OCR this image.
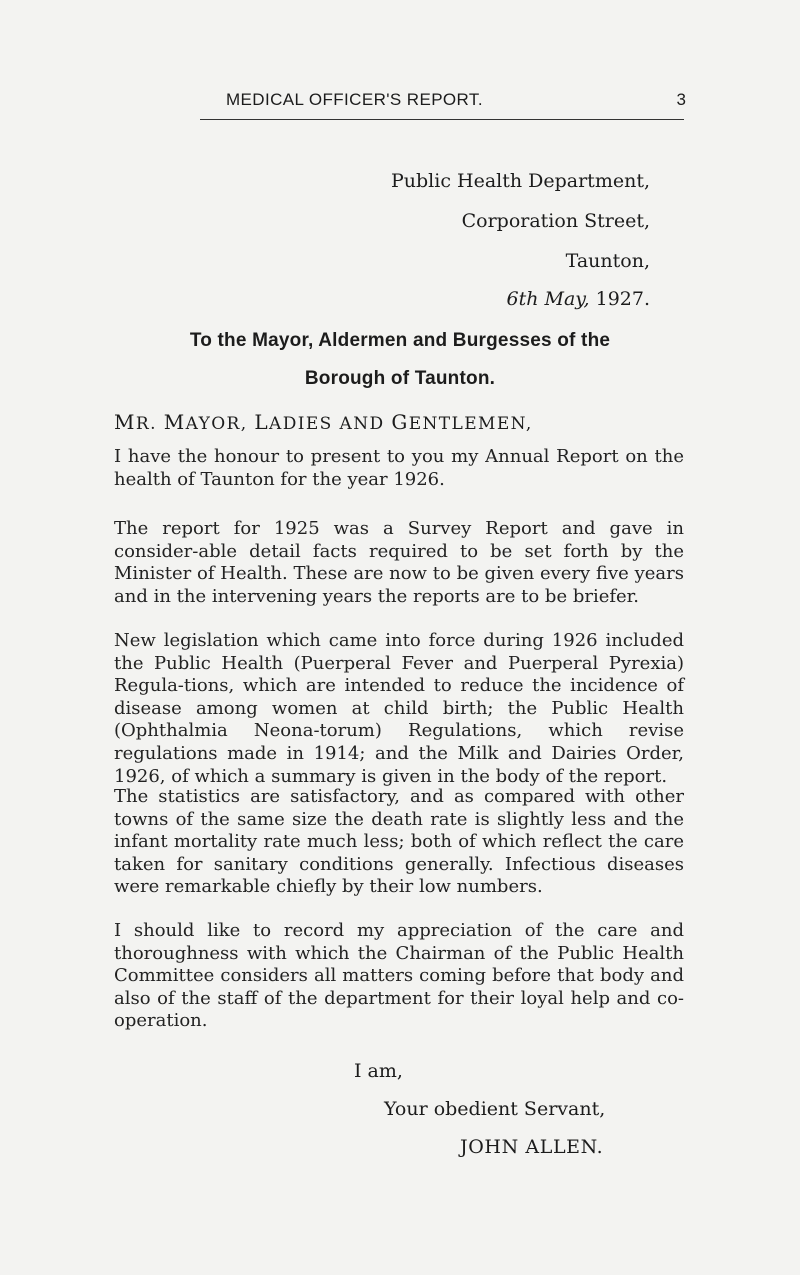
MEDICAL OFFICER'S REPORT.	3
Public Health Department,
Corporation Street,
Taunton,
6th May, 1927.
To the Mayor, Aldermen and Burgesses of the
Borough of Taunton.
MR. MAYOR, LADIES AND GENTLEMEN,

I have the honour to present to you my Annual Report on the health of Taunton for the year 1926.

The report for 1925 was a Survey Report and gave in consider-able detail facts required to be set forth by the Minister of Health. These are now to be given every five years and in the intervening years the reports are to be briefer.

New legislation which came into force during 1926 included the Public Health (Puerperal Fever and Puerperal Pyrexia) Regula-tions, which are intended to reduce the incidence of disease among women at child birth; the Public Health (Ophthalmia Neona-torum) Regulations, which revise regulations made in 1914; and the Milk and Dairies Order, 1926, of which a summary is given in the body of the report.

The statistics are satisfactory, and as compared with other towns of the same size the death rate is slightly less and the infant mortality rate much less; both of which reflect the care taken for sanitary conditions generally. Infectious diseases were remarkable chiefly by their low numbers.

I should like to record my appreciation of the care and thoroughness with which the Chairman of the Public Health Committee considers all matters coming before that body and also of the staff of the department for their loyal help and co-operation.

I am,
Your obedient Servant,
JOHN ALLEN.
